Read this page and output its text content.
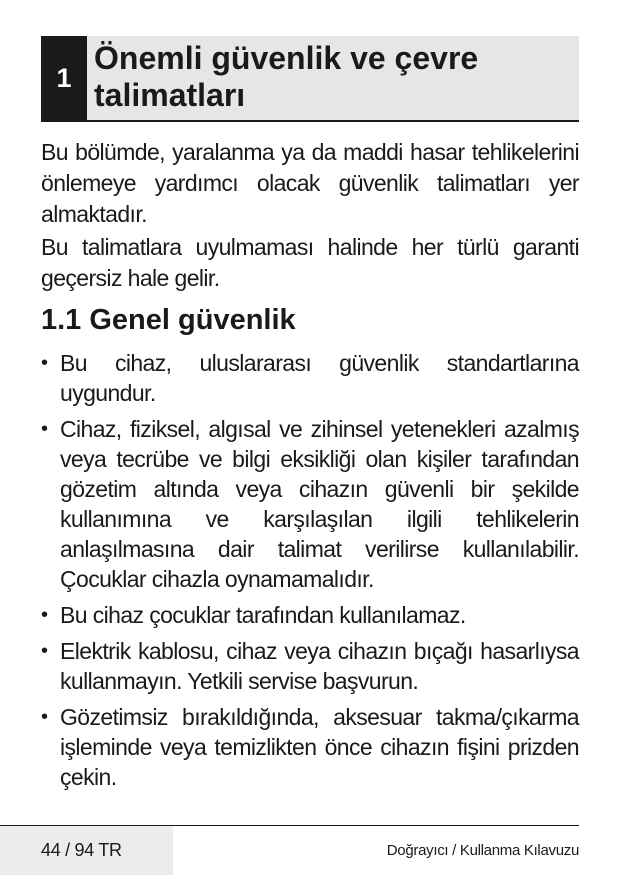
1
Önemli güvenlik ve çevre talimatları

Bu bölümde, yaralanma ya da maddi hasar tehlikelerini önlemeye yardımcı olacak güvenlik talimatları yer almaktadır.

Bu talimatlara uyulmaması halinde her türlü garanti geçersiz hale gelir.

1.1 Genel güvenlik
• Bu cihaz, uluslararası güvenlik standartlarına uygundur.
• Cihaz, fiziksel, algısal ve zihinsel yetenekleri azalmış veya tecrübe ve bilgi eksikliği olan kişiler tarafından gözetim altında veya cihazın güvenli bir şekilde kullanımına ve karşılaşılan ilgili tehlikelerin anlaşılmasına dair talimat verilirse kullanılabilir. Çocuklar cihazla oynamamalıdır.
• Bu cihaz çocuklar tarafından kullanılamaz.
• Elektrik kablosu, cihaz veya cihazın bıçağı hasarlıysa kullanmayın. Yetkili servise başvurun.
• Gözetimsiz bırakıldığında, aksesuar takma/çıkarma işleminde veya temizlikten önce cihazın fişini prizden çekin.
44 / 94 TR	Doğrayıcı / Kullanma Kılavuzu
